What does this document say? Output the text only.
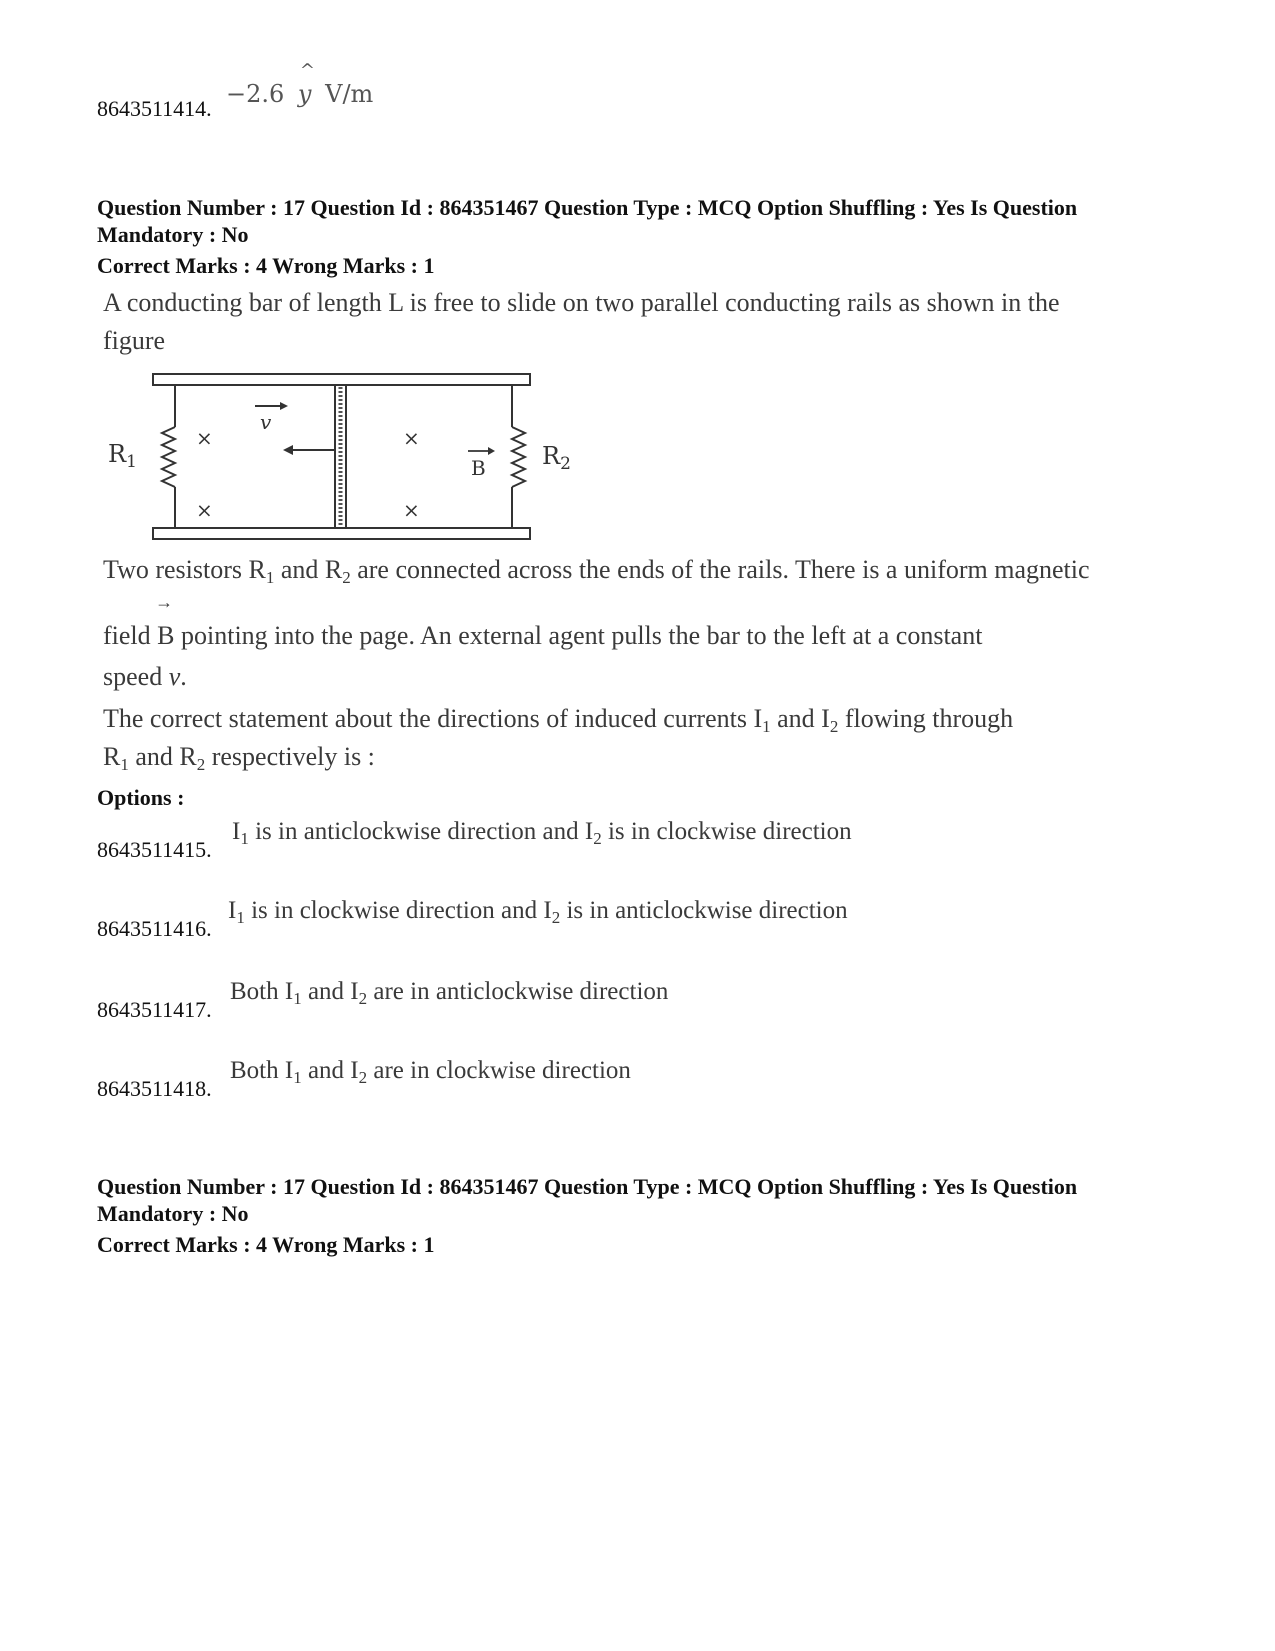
8643511414.
−2.6
^
y V/m
Question Number : 17 Question Id : 864351467 Question Type : MCQ Option Shuffling : Yes Is Question
Mandatory : No
Correct Marks : 4 Wrong Marks : 1
A conducting bar of length L is free to slide on two parallel conducting rails as shown in the
figure
$R_1$	$R_2$
v
B
×	×
×	×
Two resistors $R_1$ and $R_2$ are connected across the ends of the rails. There is a uniform magnetic
field
→
B pointing into the page. An external agent pulls the bar to the left at a constant
speed v.
The correct statement about the directions of induced currents $I_1$ and $I_2$ flowing through
$R_1$ and $R_2$ respectively is :
Options :
8643511415.
$I_1$ is in anticlockwise direction and $I_2$ is in clockwise direction
8643511416.
$I_1$ is in clockwise direction and $I_2$ is in anticlockwise direction
8643511417.
Both $I_1$ and $I_2$ are in anticlockwise direction
8643511418.
Both $I_1$ and $I_2$ are in clockwise direction
Question Number : 17 Question Id : 864351467 Question Type : MCQ Option Shuffling : Yes Is Question
Mandatory : No
Correct Marks : 4 Wrong Marks : 1
